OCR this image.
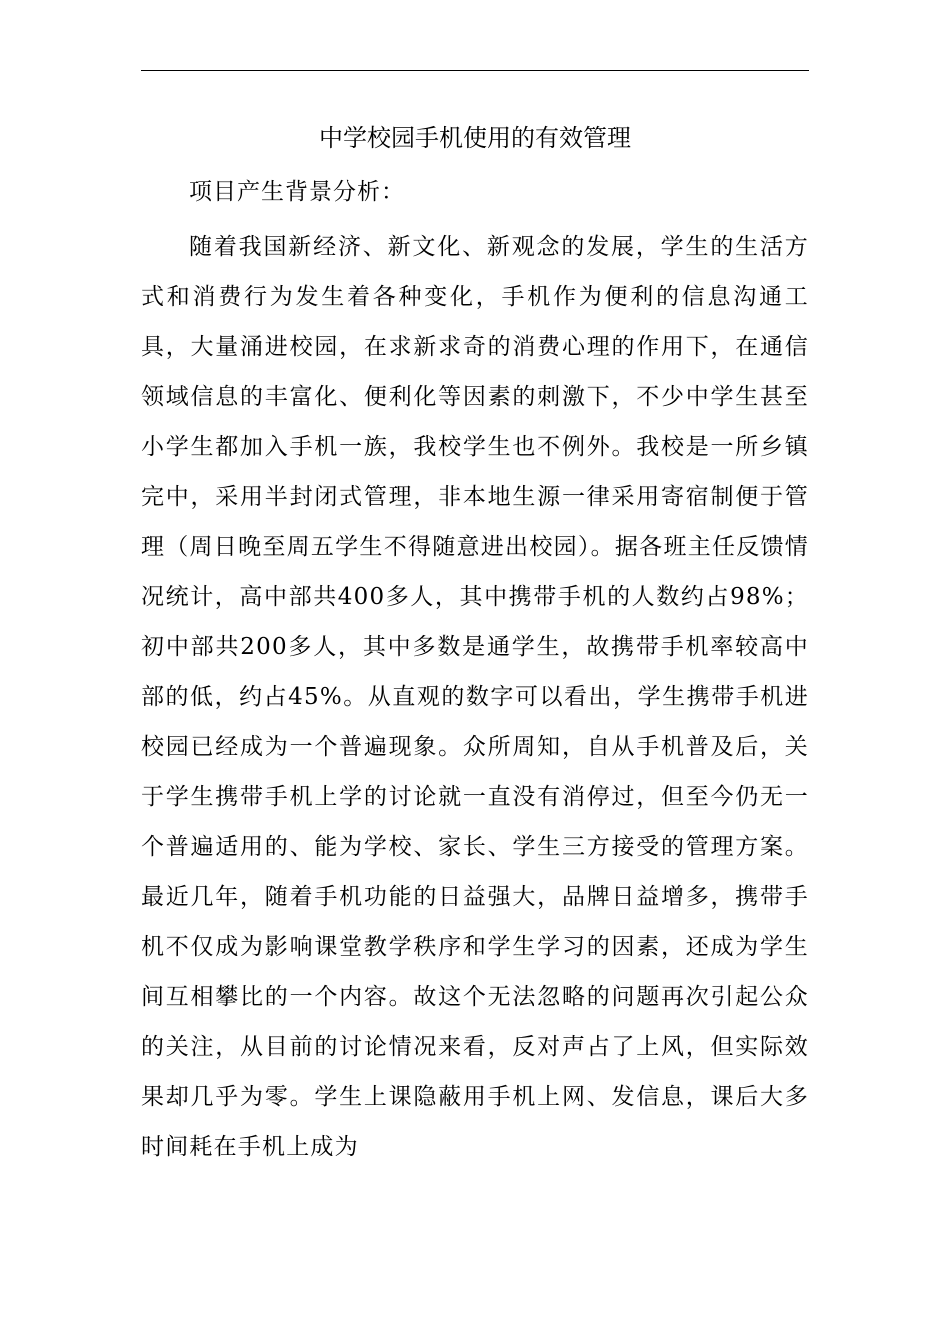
中学校园手机使用的有效管理

项目产生背景分析：

随着我国新经济、新文化、新观念的发展，学生的生活方式和消费行为发生着各种变化，手机作为便利的信息沟通工具，大量涌进校园，在求新求奇的消费心理的作用下，在通信领域信息的丰富化、便利化等因素的刺激下，不少中学生甚至小学生都加入手机一族，我校学生也不例外。我校是一所乡镇完中，采用半封闭式管理，非本地生源一律采用寄宿制便于管理（周日晚至周五学生不得随意进出校园）。据各班主任反馈情况统计，高中部共400多人，其中携带手机的人数约占98%；初中部共200多人，其中多数是通学生，故携带手机率较高中部的低，约占45%。从直观的数字可以看出，学生携带手机进校园已经成为一个普遍现象。众所周知，自从手机普及后，关于学生携带手机上学的讨论就一直没有消停过，但至今仍无一个普遍适用的、能为学校、家长、学生三方接受的管理方案。最近几年，随着手机功能的日益强大，品牌日益增多，携带手机不仅成为影响课堂教学秩序和学生学习的因素，还成为学生间互相攀比的一个内容。故这个无法忽略的问题再次引起公众的关注，从目前的讨论情况来看，反对声占了上风，但实际效果却几乎为零。学生上课隐蔽用手机上网、发信息，课后大多时间耗在手机上成为
